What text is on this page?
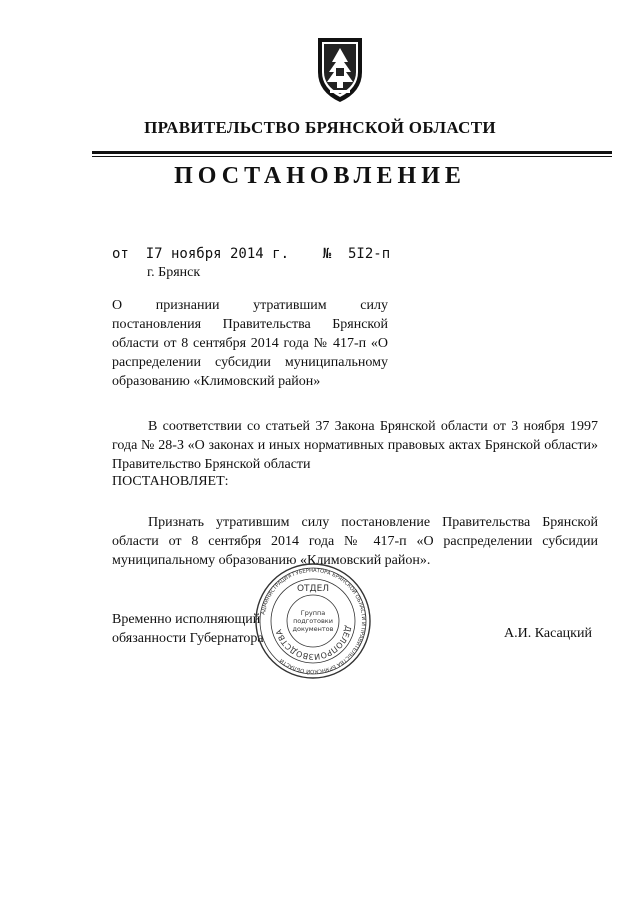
ПРАВИТЕЛЬСТВО БРЯНСКОЙ ОБЛАСТИ
ПОСТАНОВЛЕНИЕ
от  I7 ноября 2014 г.    №  5I2-п
г. Брянск
О признании утратившим силу постановления Правительства Брянской области от 8 сентября 2014 года № 417-п «О распределении субсидии муниципальному образованию «Климовский район»
В соответствии со статьей 37 Закона Брянской области от 3 ноября 1997 года № 28-З «О законах и иных нормативных правовых актах Брянской области» Правительство Брянской области
ПОСТАНОВЛЯЕТ:
Признать утратившим силу постановление Правительства Брянской области от 8 сентября 2014 года № 417-п «О распределении субсидии муниципальному образованию «Климовский район».
Временно исполняющий
обязанности Губернатора	А.И. Касацкий
АДМИНИСТРАЦИЯ ГУБЕРНАТОРА БРЯНСКОЙ ОБЛАСТИ И ПРАВИТЕЛЬСТВА БРЯНСКОЙ ОБЛАСТИ
ДЕЛОПРОИЗВОДСТВА
ОТДЕЛ
Группа
подготовки
документов
